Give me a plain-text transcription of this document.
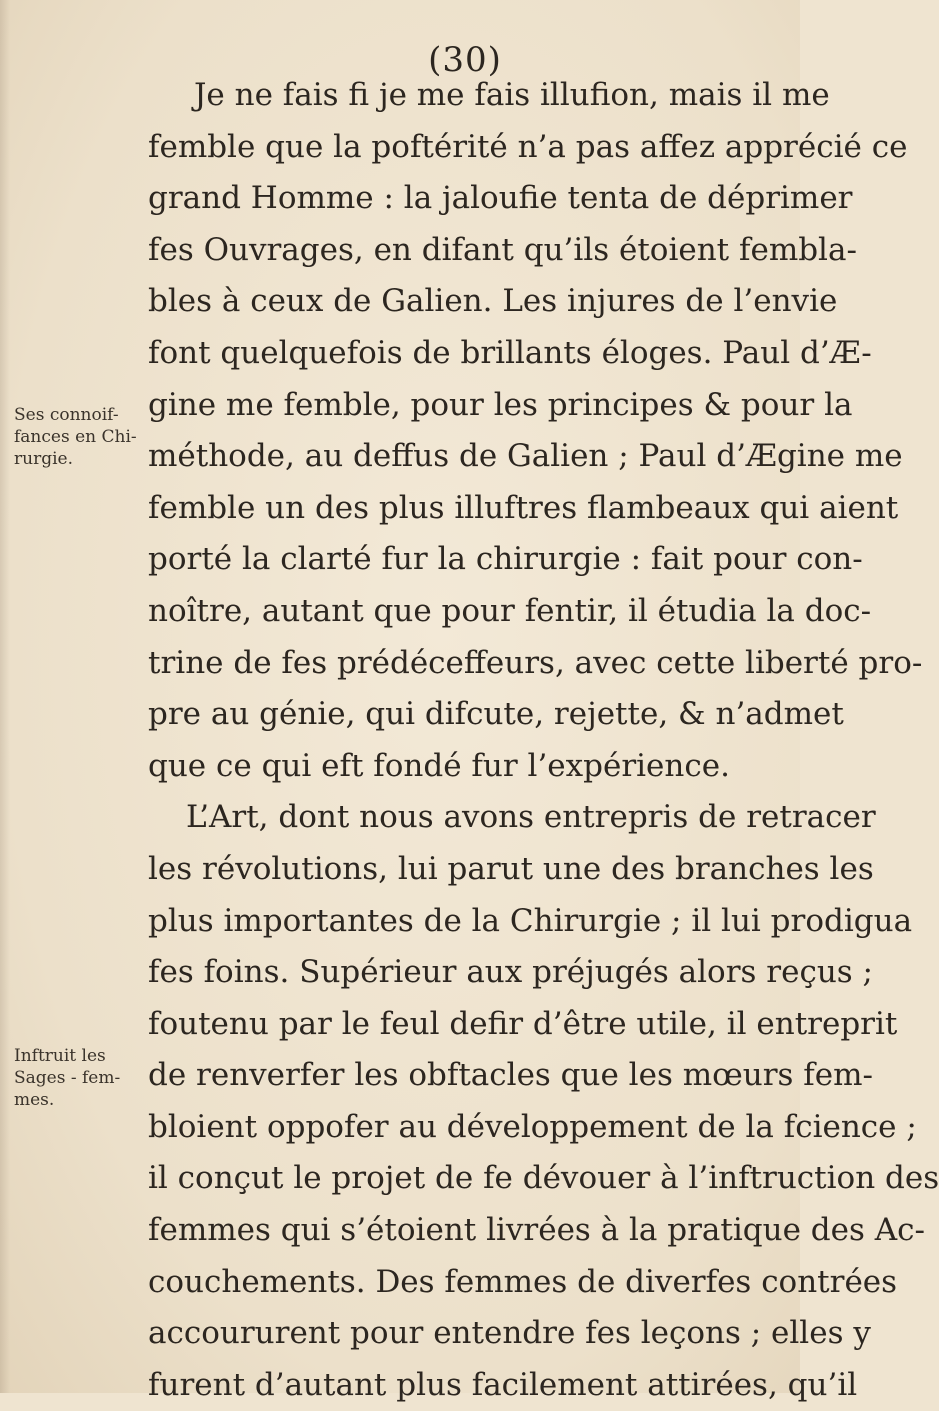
(30)
Ses connoif-
fances en Chi-
rurgie.
Inftruit les
Sages - fem-
mes.
Je ne fais fi je me fais illufion, mais il me
femble que la poftérité n’a pas affez apprécié ce
grand Homme : la jaloufie tenta de déprimer
fes Ouvrages, en difant qu’ils étoient fembla-
bles à ceux de Galien. Les injures de l’envie
font quelquefois de brillants éloges. Paul d’Æ-
gine me femble, pour les principes & pour la
méthode, au deffus de Galien ; Paul d’Ægine me
femble un des plus illuftres flambeaux qui aient
porté la clarté fur la chirurgie : fait pour con-
noître, autant que pour fentir, il étudia la doc-
trine de fes prédéceffeurs, avec cette liberté pro-
pre au génie, qui difcute, rejette, & n’admet
que ce qui eft fondé fur l’expérience.
L’Art, dont nous avons entrepris de retracer
les révolutions, lui parut une des branches les
plus importantes de la Chirurgie ; il lui prodigua
fes foins. Supérieur aux préjugés alors reçus ;
foutenu par le feul defir d’être utile, il entreprit
de renverfer les obftacles que les mœurs fem-
bloient oppofer au développement de la fcience ;
il conçut le projet de fe dévouer à l’inftruction des
femmes qui s’étoient livrées à la pratique des Ac-
couchements. Des femmes de diverfes contrées
accoururent pour entendre fes leçons ; elles y
furent d’autant plus facilement attirées, qu’il
